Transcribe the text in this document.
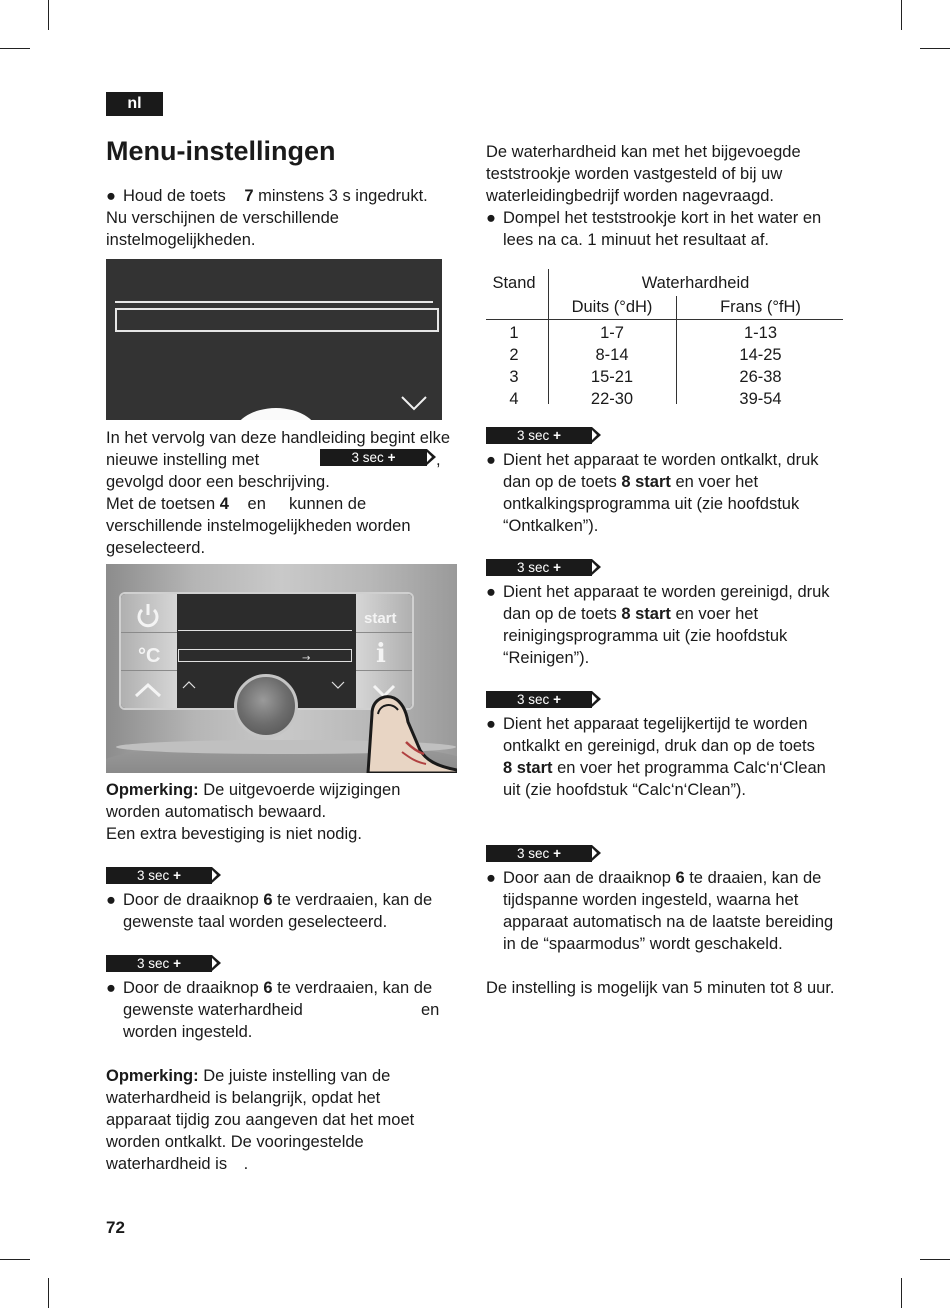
nl
Menu-instellingen
● Houd de toets 7 minstens 3 s ingedrukt.
Nu verschijnen de verschillende instelmogelijkheden.
In het vervolg van deze handleiding begint elke nieuwe instelling met	3 sec +	,
gevolgd door een beschrijving.
Met de toetsen 4 en  kunnen de verschillende instelmogelijkheden worden geselecteerd.
start
°C	i
→
Opmerking: De uitgevoerde wijzigingen worden automatisch bewaard.
Een extra bevestiging is niet nodig.
3 sec +
● Door de draaiknop 6 te verdraaien, kan de gewenste taal worden geselecteerd.
3 sec +
● Door de draaiknop 6 te verdraaien, kan de gewenste waterhardheid	en
worden ingesteld.
Opmerking: De juiste instelling van de waterhardheid is belangrijk, opdat het apparaat tijdig zou aangeven dat het moet worden ontkalkt. De vooringestelde waterhardheid is .
De waterhardheid kan met het bijgevoegde teststrookje worden vastgesteld of bij uw waterleidingbedrijf worden nagevraagd.
● Dompel het teststrookje kort in het water en lees na ca. 1 minuut het resultaat af.
Stand	Waterhardheid
Duits (°dH)	Frans (°fH)
1	1-7	1-13
2	8-14	14-25
3	15-21	26-38
4	22-30	39-54
3 sec +
● Dient het apparaat te worden ontkalkt, druk dan op de toets 8 start en voer het ontkalkingsprogramma uit (zie hoofdstuk “Ontkalken”).
3 sec +
● Dient het apparaat te worden gereinigd, druk dan op de toets 8 start en voer het reinigingsprogramma uit (zie hoofdstuk “Reinigen”).
3 sec +
● Dient het apparaat tegelijkertijd te worden ontkalkt en gereinigd, druk dan op de toets 8 start en voer het programma Calc‘n‘Clean uit (zie hoofdstuk “Calc‘n‘Clean”).
3 sec +
● Door aan de draaiknop 6 te draaien, kan de tijdspanne worden ingesteld, waarna het apparaat automatisch na de laatste bereiding in de “spaarmodus” wordt geschakeld.
De instelling is mogelijk van 5 minuten tot 8 uur.
72
